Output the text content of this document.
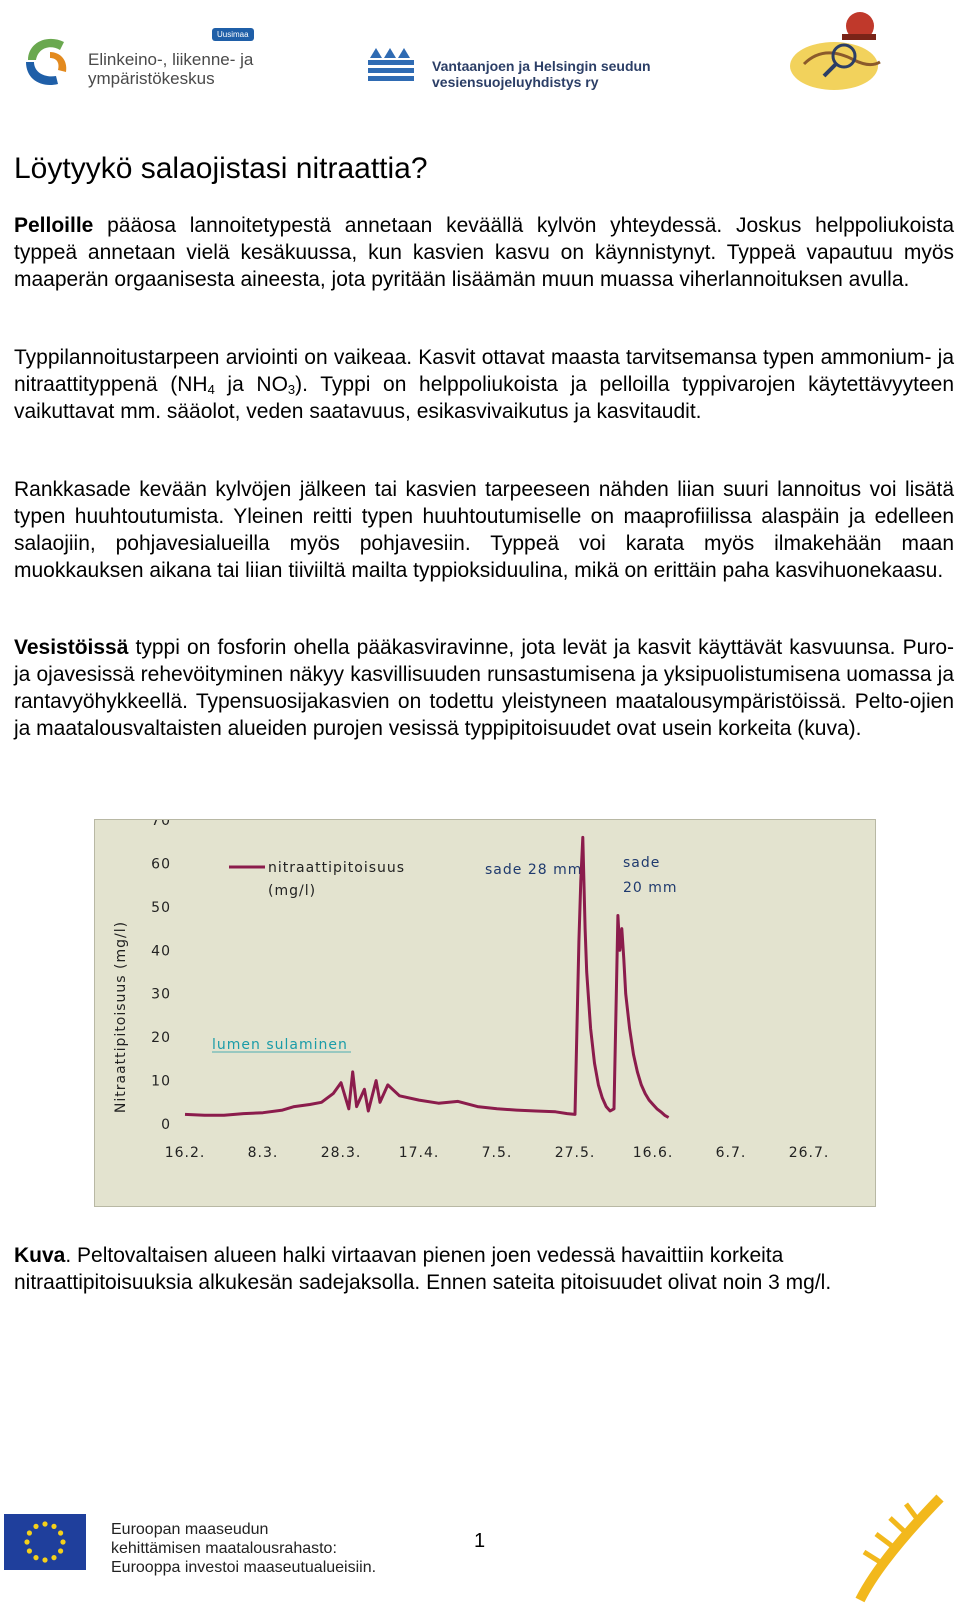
Uusimaa
Elinkeino-, liikenne- ja
ympäristökeskus
Vantaanjoen ja Helsingin seudun
vesiensuojeluyhdistys ry
Löytyykö salaojistasi nitraattia?

Pelloille pääosa lannoitetypestä annetaan keväällä kylvön yhteydessä. Joskus helppoliukoista typpeä annetaan vielä kesäkuussa, kun kasvien kasvu on käynnistynyt. Typpeä vapautuu myös maaperän orgaanisesta aineesta, jota pyritään lisäämän muun muassa viherlannoituksen avulla.

Typpilannoitustarpeen arviointi on vaikeaa. Kasvit ottavat maasta tarvitsemansa typen ammonium- ja nitraattityppenä ($NH_4$ ja $NO_3$). Typpi on helppoliukoista ja pelloilla typpivarojen käytettävyyteen vaikuttavat mm. sääolot, veden saatavuus, esikasvivaikutus ja kasvitaudit.

Rankkasade kevään kylvöjen jälkeen tai kasvien tarpeeseen nähden liian suuri lannoitus voi lisätä typen huuhtoutumista. Yleinen reitti typen huuhtoutumiselle on maaprofiilissa alaspäin ja edelleen salaojiin, pohjavesialueilla myös pohjavesiin. Typpeä voi karata myös ilmakehään maan muokkauksen aikana tai liian tiiviiltä mailta typpioksiduulina, mikä on erittäin paha kasvihuonekaasu.

Vesistöissä typpi on fosforin ohella pääkasviravinne, jota levät ja kasvit käyttävät kasvuunsa. Puro- ja ojavesissä rehevöityminen näkyy kasvillisuuden runsastumisena ja yksipuolistumisena uomassa ja rantavyöhykkeellä. Typensuosijakasvien on todettu yleistyneen maatalousympäristöissä. Pelto-ojien ja maatalousvaltaisten alueiden purojen vesissä typpipitoisuudet ovat usein korkeita (kuva).

Nitraattipitoisuus (mg/l)
0
10
20
30
40
50
60
70
16.2.	8.3.	28.3.	17.4.	7.5.	27.5.	16.6.	6.7.	26.7.
nitraattipitoisuus
(mg/l)
lumen sulaminen
sade 28 mm	sade
20 mm

Kuva. Peltovaltaisen alueen halki virtaavan pienen joen vedessä havaittiin korkeita nitraattipitoisuuksia alkukesän sadejaksolla. Ennen sateita pitoisuudet olivat noin 3 mg/l.

Euroopan maaseudun
kehittämisen maatalousrahasto:
Eurooppa investoi maaseutualueisiin.
1
